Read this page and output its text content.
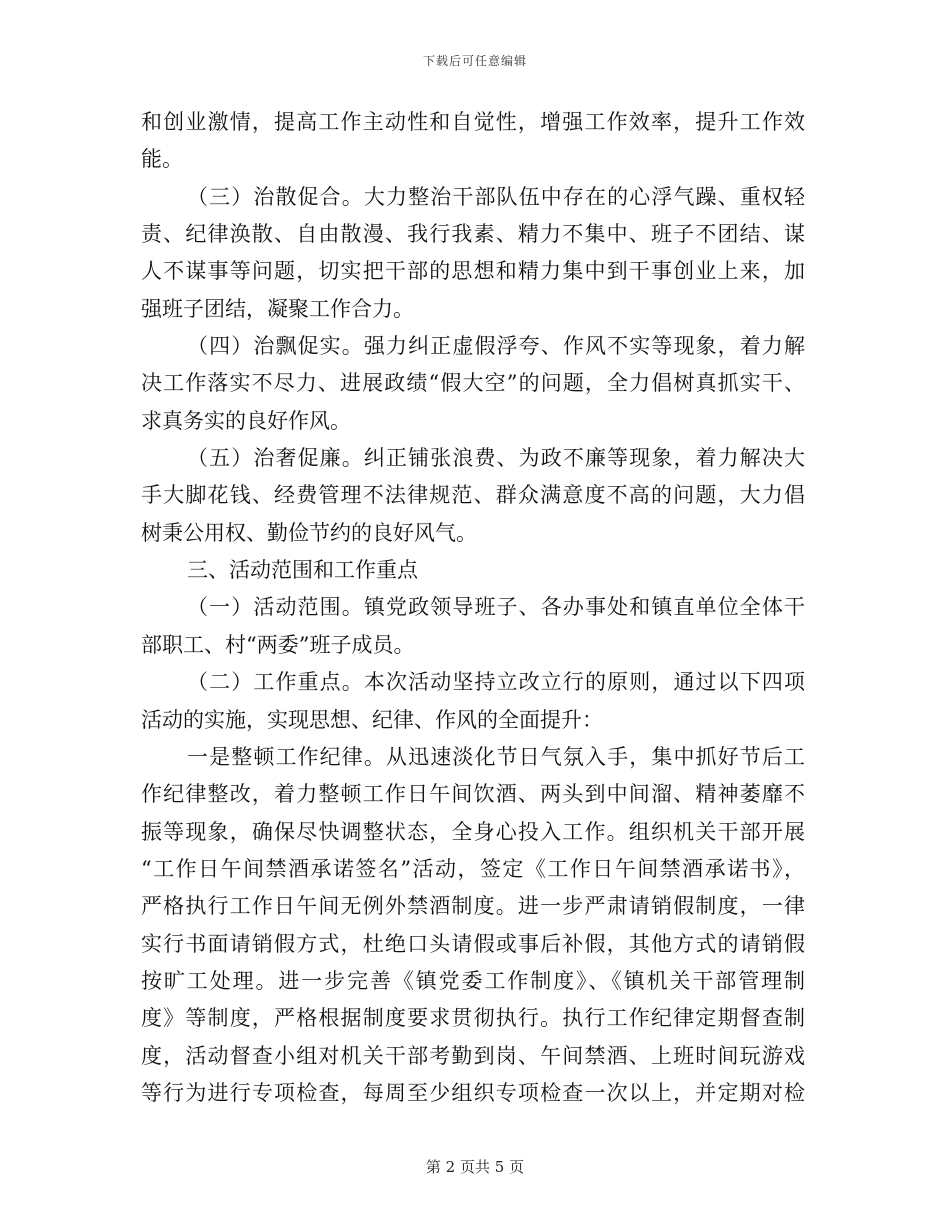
下载后可任意编辑
和创业激情，提高工作主动性和自觉性，增强工作效率，提升工作效
能。
（三）治散促合。大力整治干部队伍中存在的心浮气躁、重权轻
责、纪律涣散、自由散漫、我行我素、精力不集中、班子不团结、谋
人不谋事等问题，切实把干部的思想和精力集中到干事创业上来，加
强班子团结，凝聚工作合力。
（四）治飘促实。强力纠正虚假浮夸、作风不实等现象，着力解
决工作落实不尽力、进展政绩“假大空”的问题，全力倡树真抓实干、
求真务实的良好作风。
（五）治奢促廉。纠正铺张浪费、为政不廉等现象，着力解决大
手大脚花钱、经费管理不法律规范、群众满意度不高的问题，大力倡
树秉公用权、勤俭节约的良好风气。
三、活动范围和工作重点
（一）活动范围。镇党政领导班子、各办事处和镇直单位全体干
部职工、村“两委”班子成员。
（二）工作重点。本次活动坚持立改立行的原则，通过以下四项
活动的实施，实现思想、纪律、作风的全面提升：
一是整顿工作纪律。从迅速淡化节日气氛入手，集中抓好节后工
作纪律整改，着力整顿工作日午间饮酒、两头到中间溜、精神萎靡不
振等现象，确保尽快调整状态，全身心投入工作。组织机关干部开展
“工作日午间禁酒承诺签名”活动，签定《工作日午间禁酒承诺书》，
严格执行工作日午间无例外禁酒制度。进一步严肃请销假制度，一律
实行书面请销假方式，杜绝口头请假或事后补假，其他方式的请销假
按旷工处理。进一步完善《镇党委工作制度》、《镇机关干部管理制
度》等制度，严格根据制度要求贯彻执行。执行工作纪律定期督查制
度，活动督查小组对机关干部考勤到岗、午间禁酒、上班时间玩游戏
等行为进行专项检查，每周至少组织专项检查一次以上，并定期对检
第 2 页共 5 页
